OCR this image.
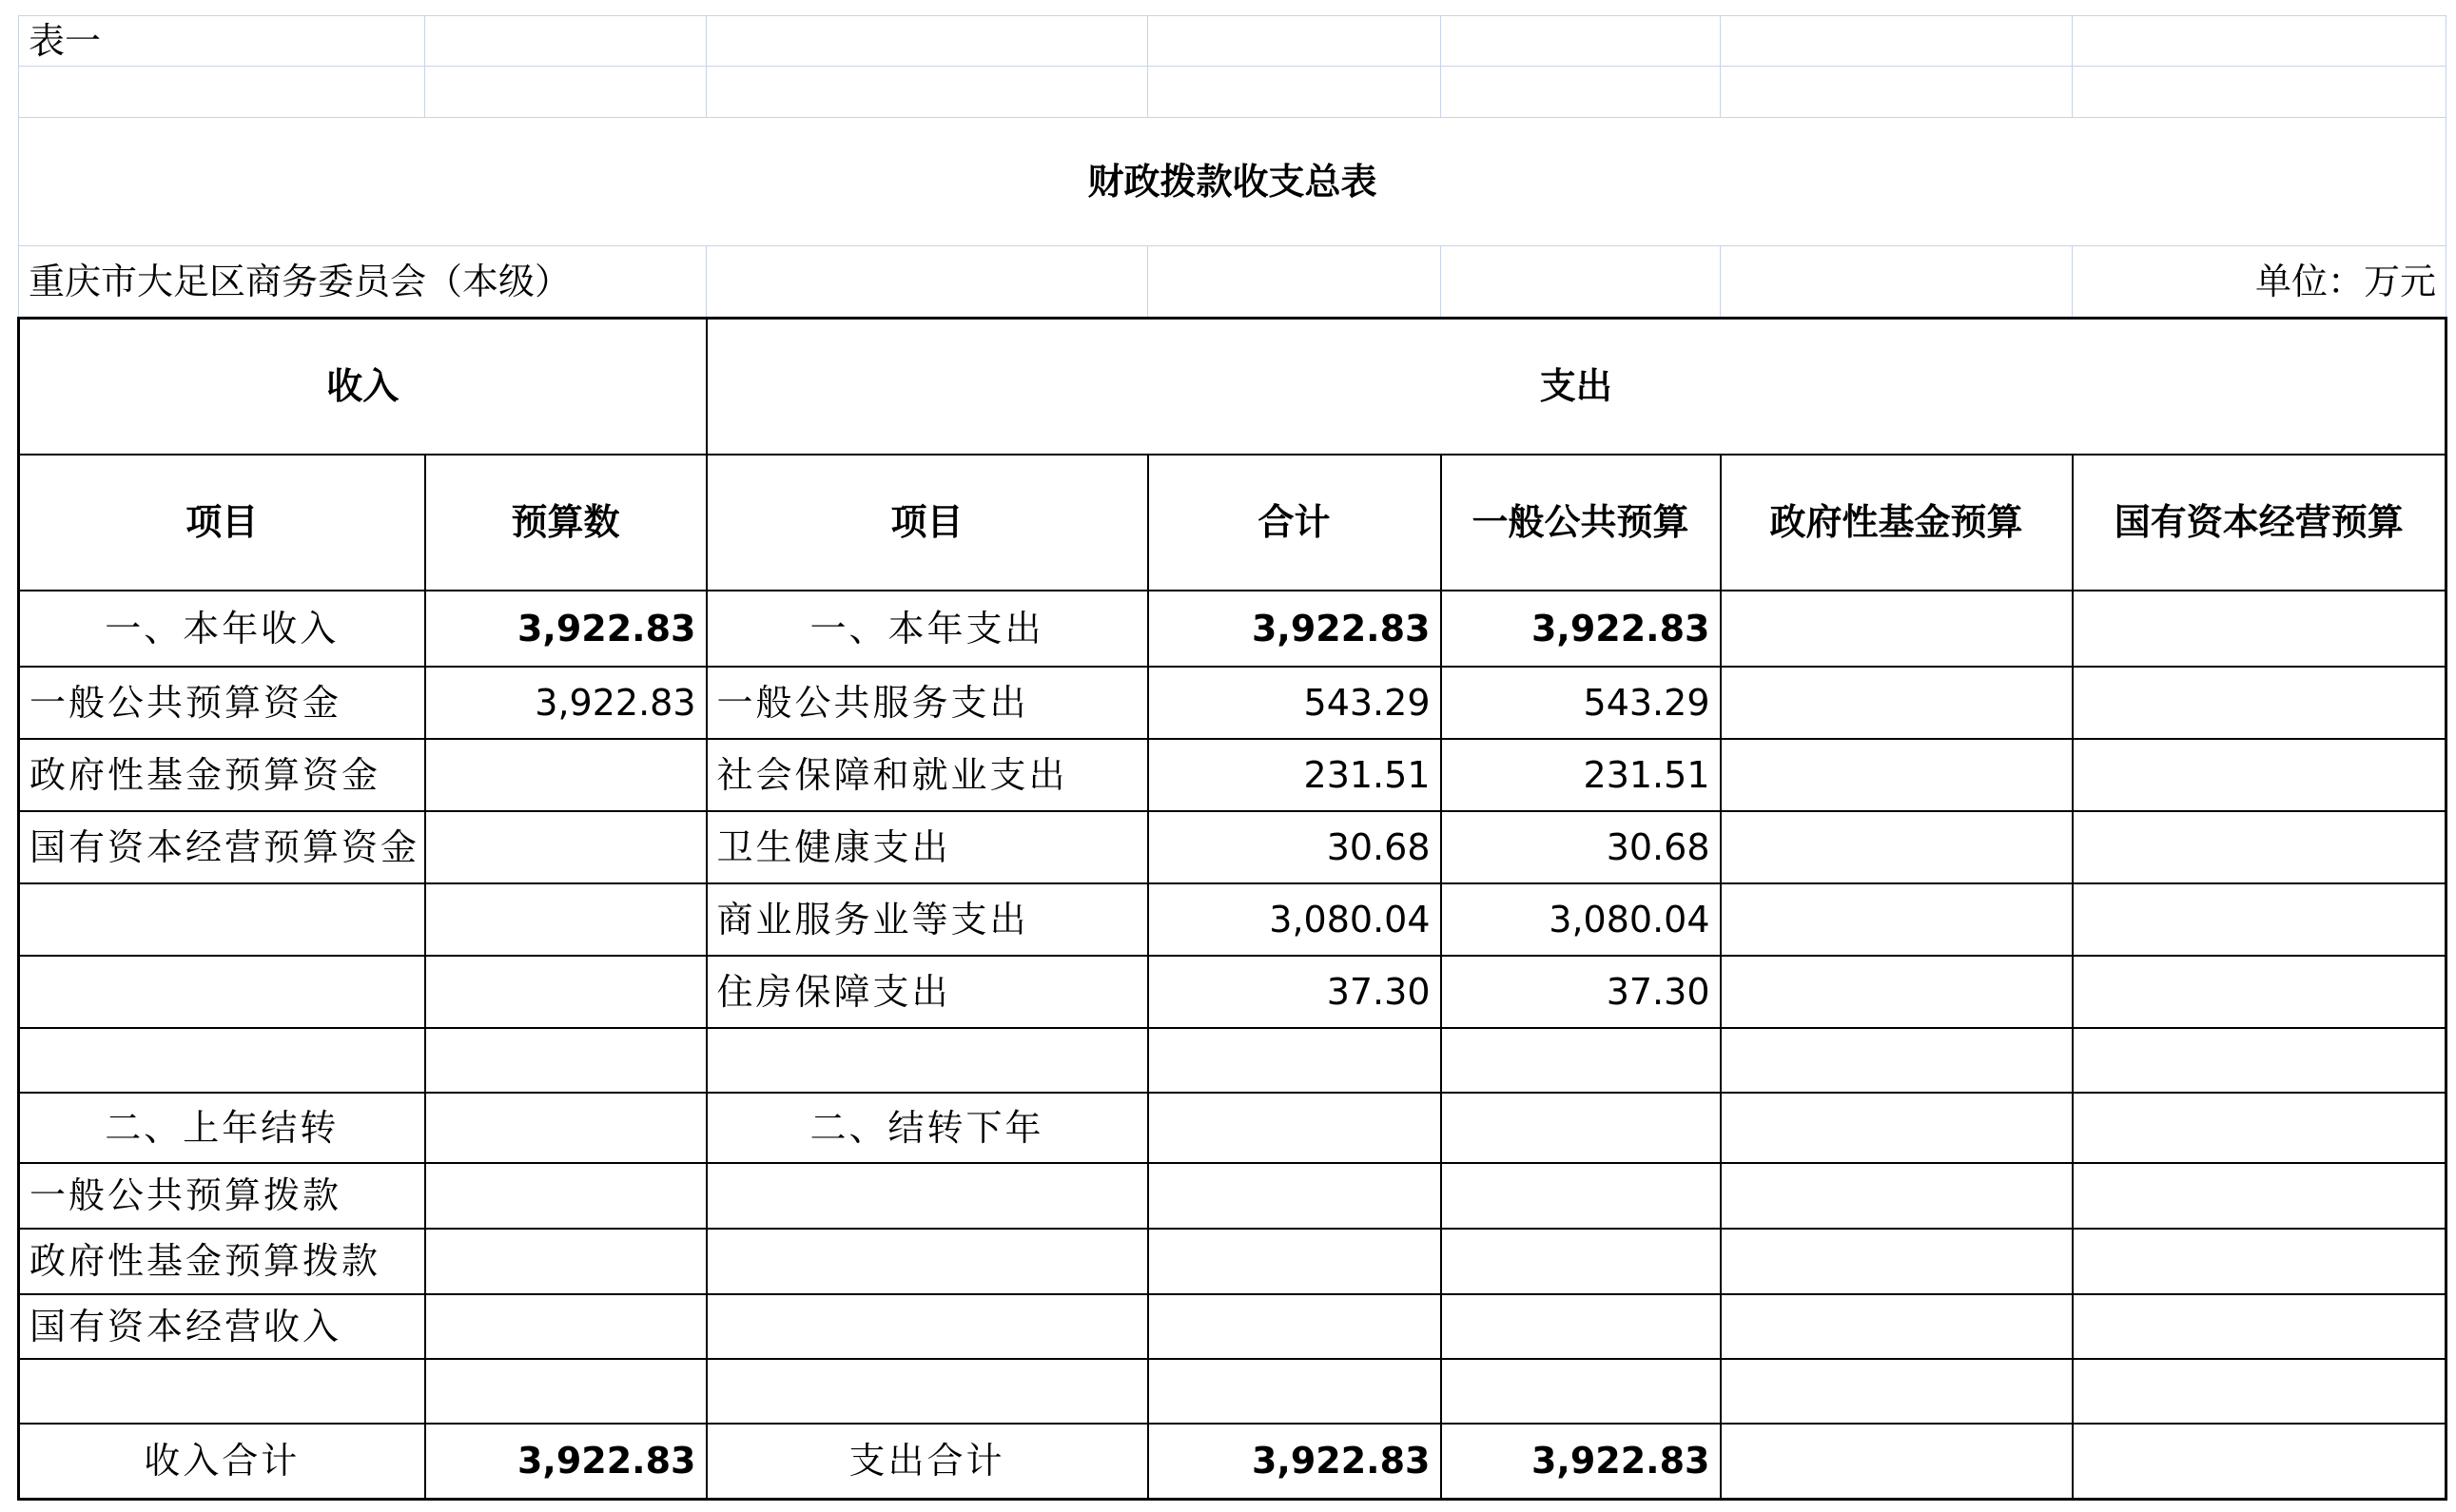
表一						

财政拨款收支总表						
重庆市大足区商务委员会（本级）						单位：万元
收入		支出				
项目	预算数	项目	合计	一般公共预算	政府性基金预算	国有资本经营预算
一、本年收入	3,922.83	一、本年支出	3,922.83	3,922.83		
一般公共预算资金	3,922.83	一般公共服务支出	543.29	543.29		
政府性基金预算资金		社会保障和就业支出	231.51	231.51		
国有资本经营预算资金		卫生健康支出	30.68	30.68		
		商业服务业等支出	3,080.04	3,080.04		
		住房保障支出	37.30	37.30		

二、上年结转		二、结转下年				
一般公共预算拨款						
政府性基金预算拨款						
国有资本经营收入						

收入合计	3,922.83	支出合计	3,922.83	3,922.83		
